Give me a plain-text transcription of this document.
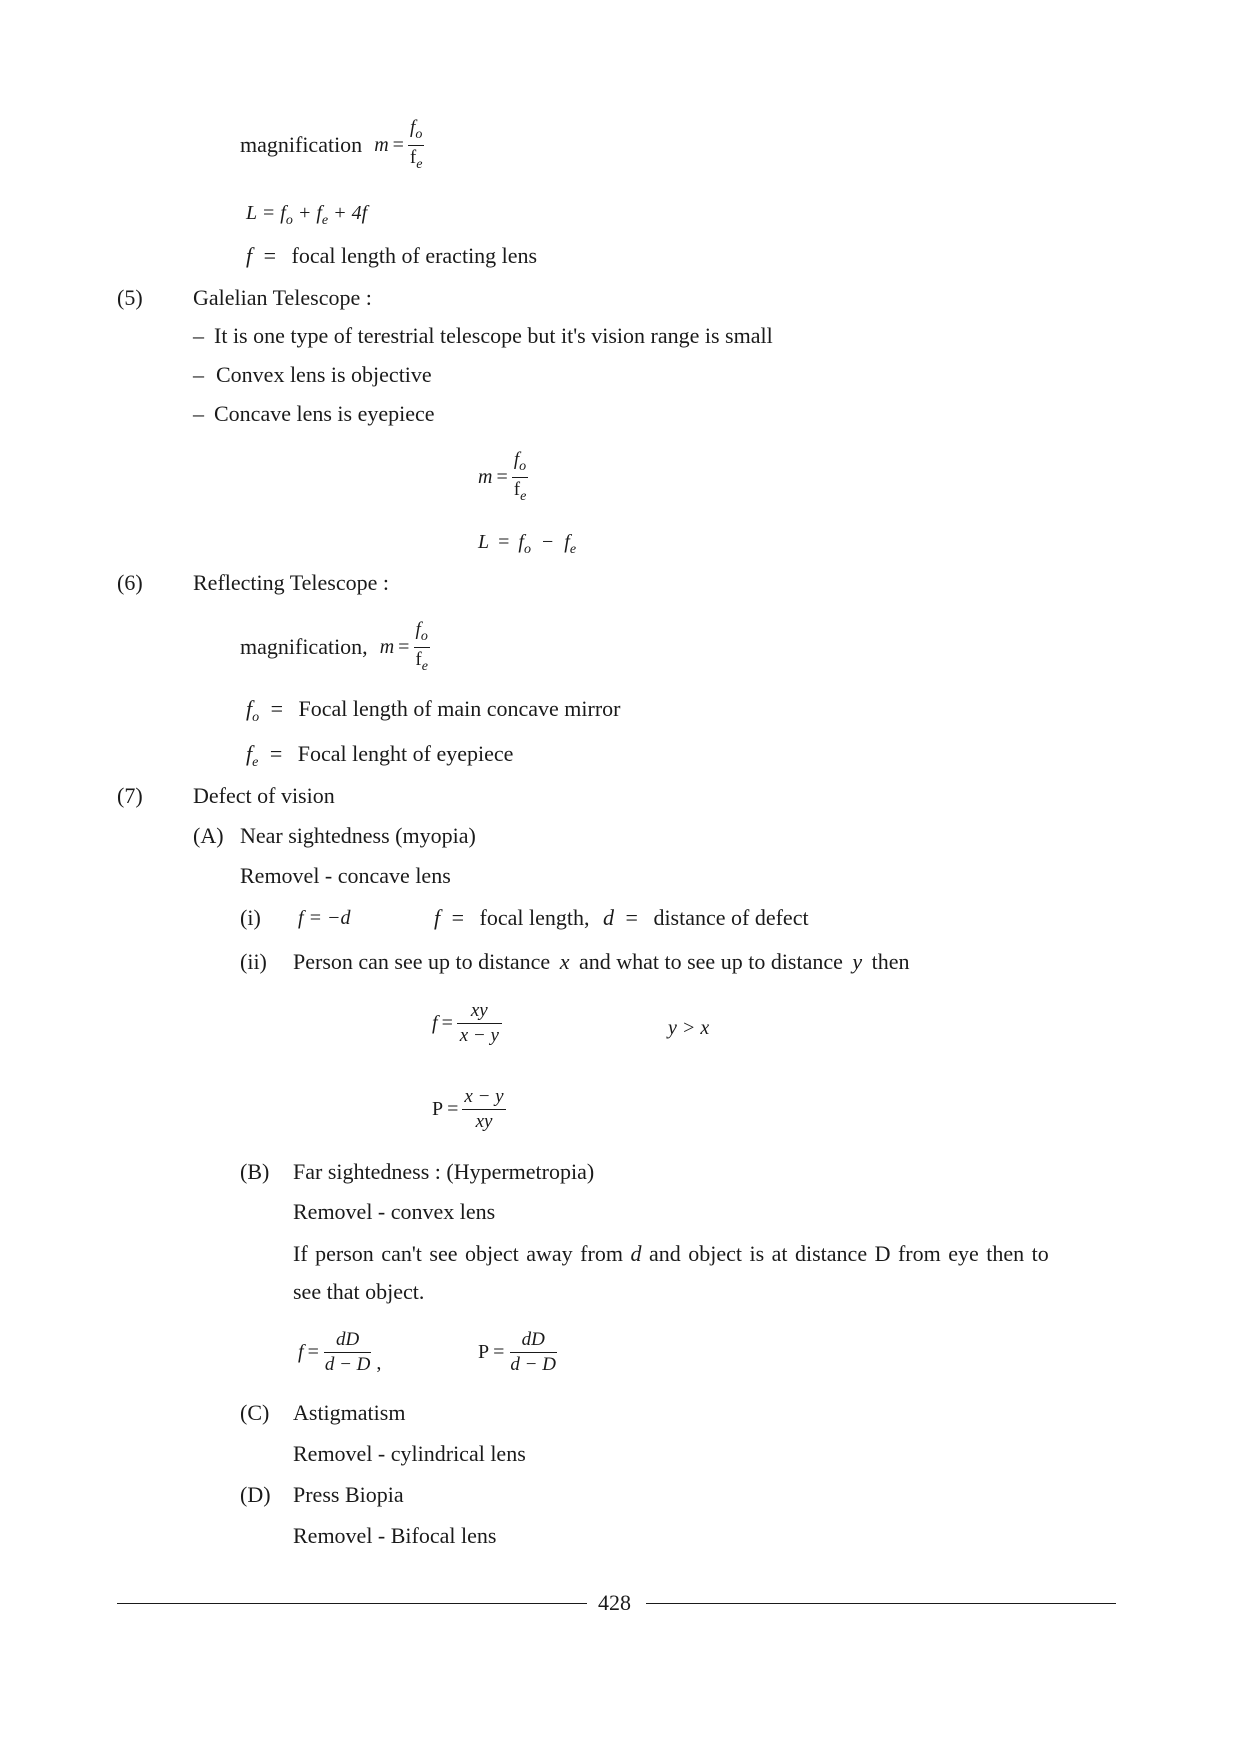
magnification $m = \frac{f_o}{f_e}$
$L = f_o + f_e + 4f$
f = focal length of eracting lens
(5) Galelian Telescope :
– It is one type of terestrial telescope but it's vision range is small
– Convex lens is objective
– Concave lens is eyepiece
$m = \frac{f_o}{f_e}$
$L = f_o - f_e$
(6) Reflecting Telescope :
magnification, $m = \frac{f_o}{f_e}$
$f_o$ = Focal length of main concave mirror
$f_e$ = Focal lenght of eyepiece
(7) Defect of vision
(A) Near sightedness (myopia)
Removel - concave lens
(i) f = −d	f = focal length, d = distance of defect
(ii) Person can see up to distance x and what to see up to distance y then
$f = \frac{xy}{x - y}$	y > x
$P = \frac{x - y}{xy}$
(B) Far sightedness : (Hypermetropia)
Removel - convex lens
If person can't see object away from d and object is at distance D from eye then to
see that object.
$f = \frac{dD}{d - D}$ ,	$P = \frac{dD}{d - D}$
(C) Astigmatism
Removel - cylindrical lens
(D) Press Biopia
Removel - Bifocal lens
428
